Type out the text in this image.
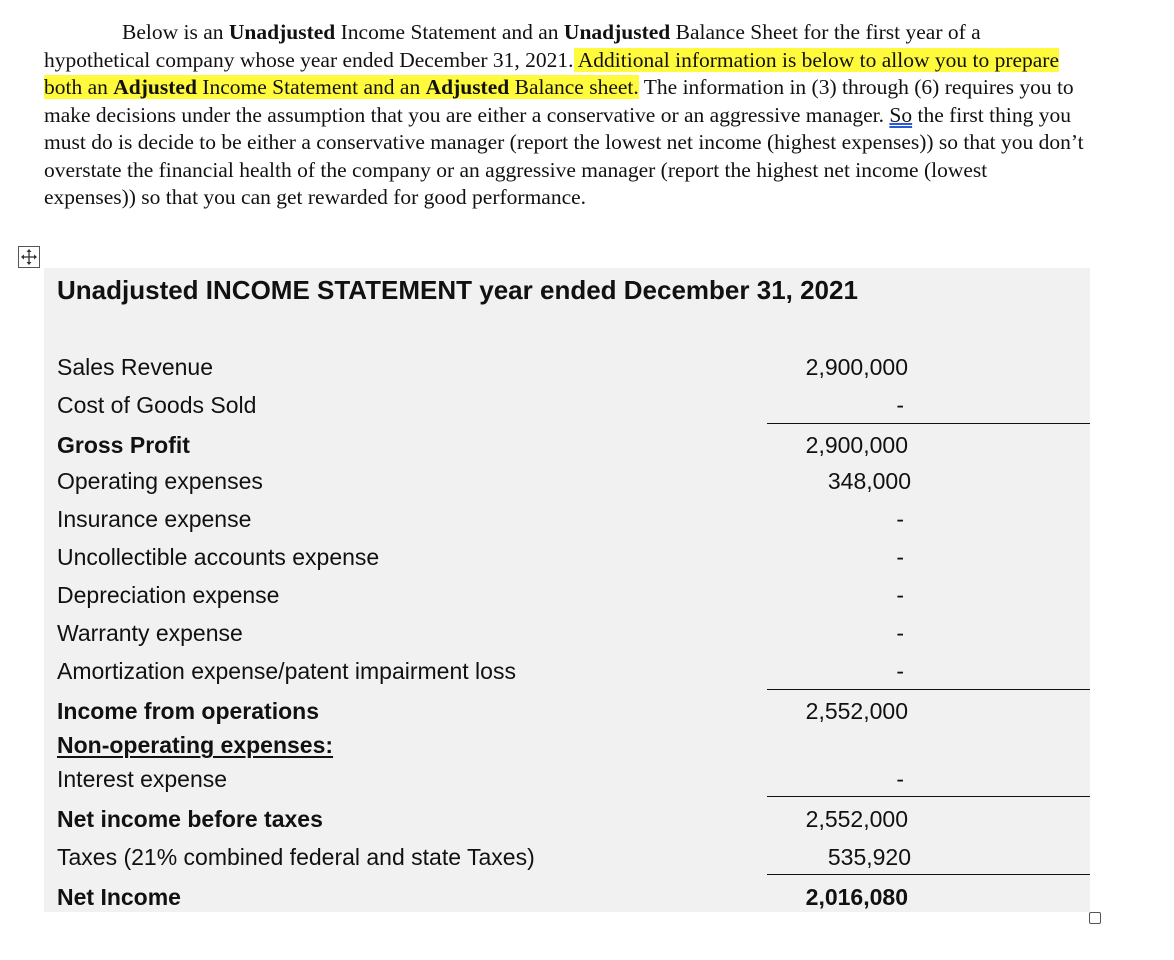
Below is an Unadjusted Income Statement and an Unadjusted Balance Sheet for the first year of a hypothetical company whose year ended December 31, 2021. Additional information is below to allow you to prepare both an Adjusted Income Statement and an Adjusted Balance sheet. The information in (3) through (6) requires you to make decisions under the assumption that you are either a conservative or an aggressive manager. So the first thing you must do is decide to be either a conservative manager (report the lowest net income (highest expenses)) so that you don’t overstate the financial health of the company or an aggressive manager (report the highest net income (lowest expenses)) so that you can get rewarded for good performance.

Unadjusted INCOME STATEMENT year ended December 31, 2021
Sales Revenue	2,900,000
Cost of Goods Sold	-
Gross Profit	2,900,000
Operating expenses	348,000
Insurance expense	-
Uncollectible accounts expense	-
Depreciation expense	-
Warranty expense	-
Amortization expense/patent impairment loss	-
Income from operations	2,552,000
Non-operating expenses:
Interest expense	-
Net income before taxes	2,552,000
Taxes (21% combined federal and state Taxes)	535,920
Net Income	2,016,080
